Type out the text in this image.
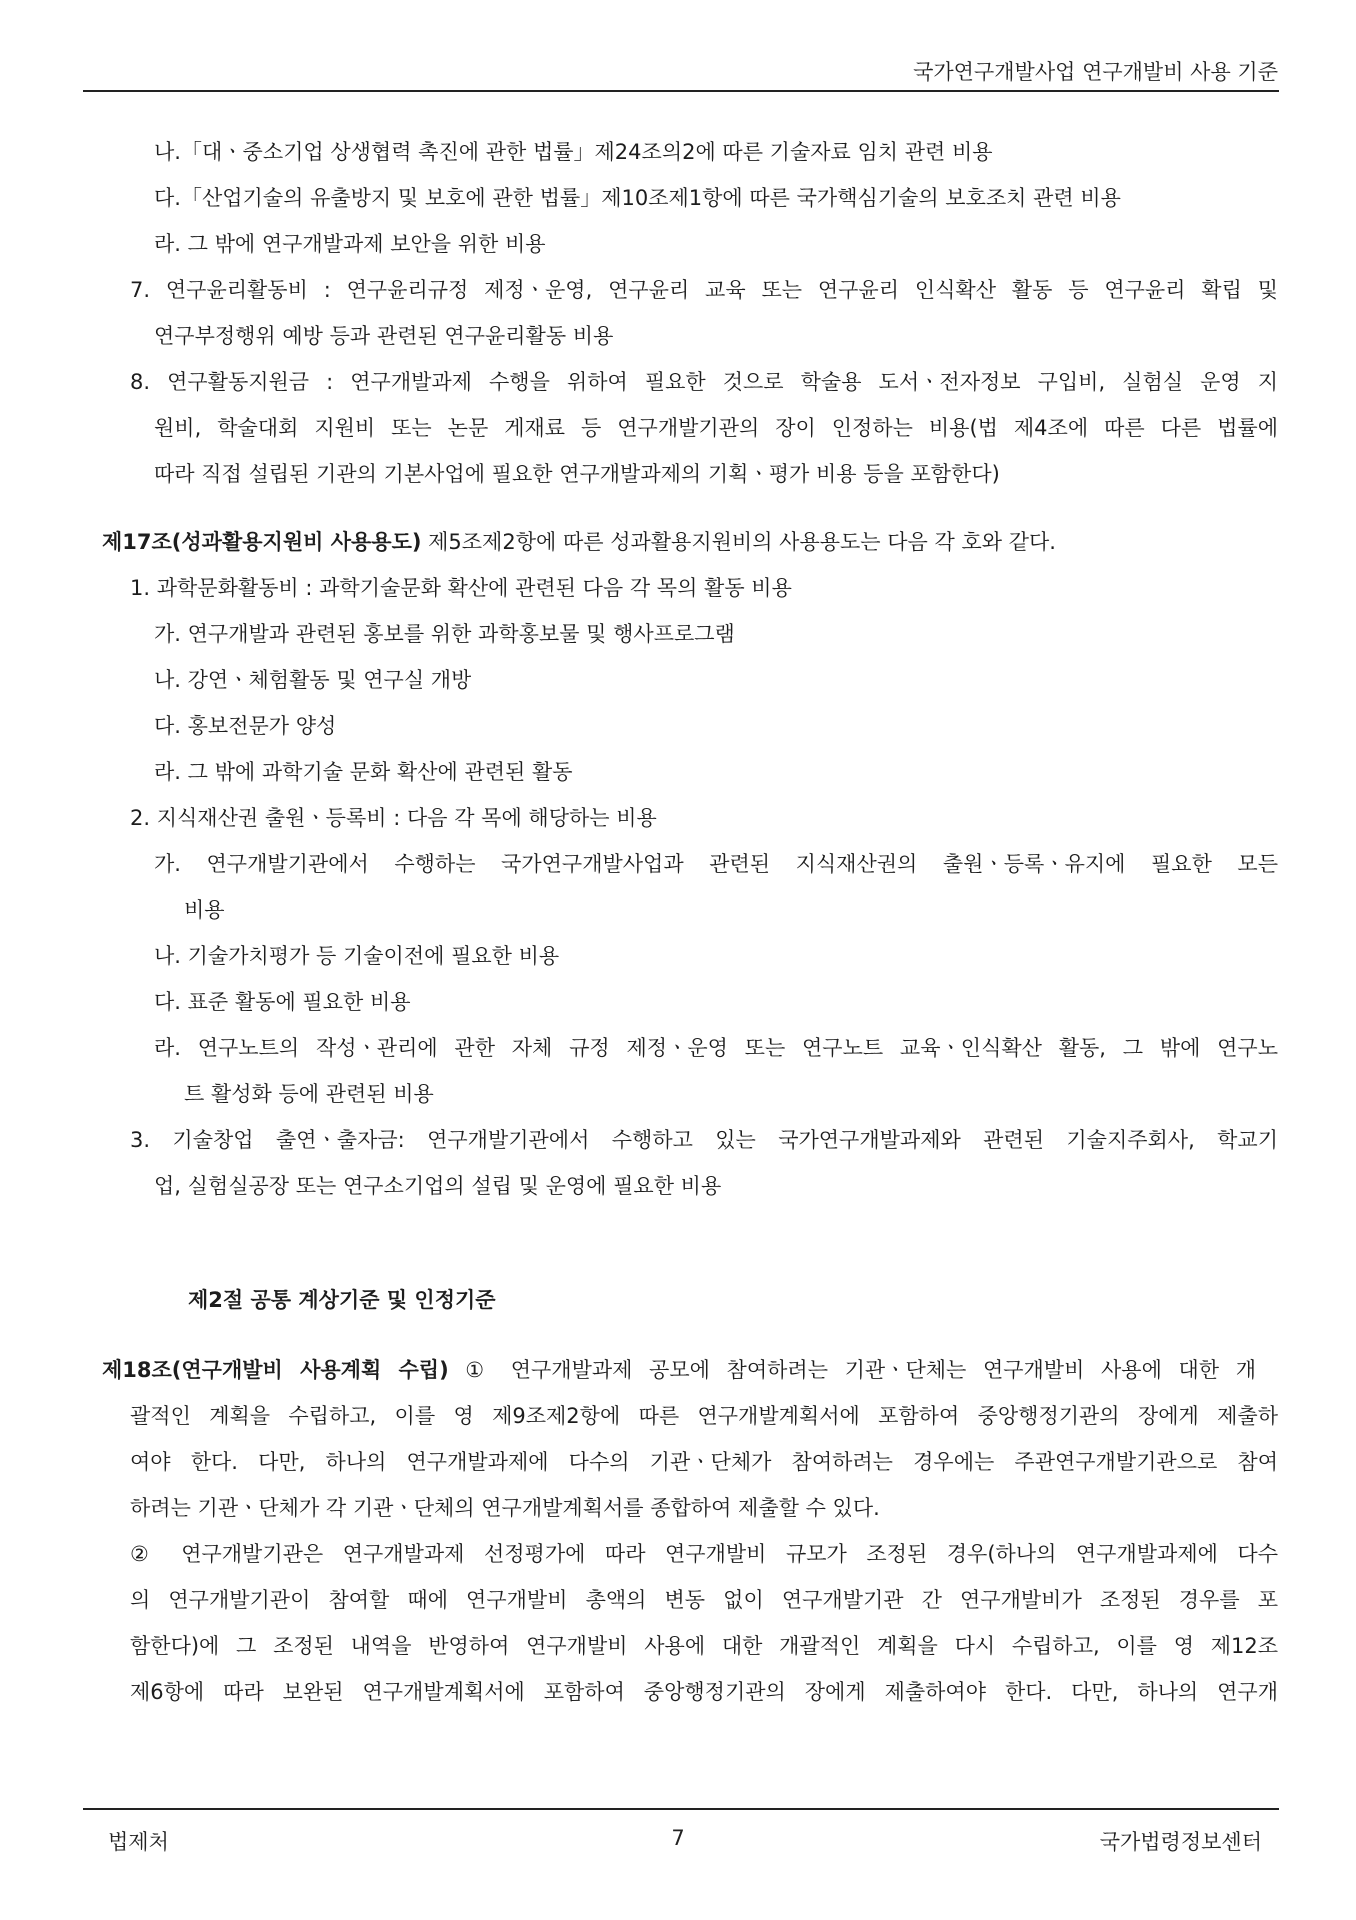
국가연구개발사업 연구개발비 사용 기준
나.「대ㆍ중소기업 상생협력 촉진에 관한 법률」제24조의2에 따른 기술자료 임치 관련 비용
다.「산업기술의 유출방지 및 보호에 관한 법률」제10조제1항에 따른 국가핵심기술의 보호조치 관련 비용
라. 그 밖에 연구개발과제 보안을 위한 비용
7. 연구윤리활동비 : 연구윤리규정 제정ㆍ운영, 연구윤리 교육 또는 연구윤리 인식확산 활동 등 연구윤리 확립 및
연구부정행위 예방 등과 관련된 연구윤리활동 비용
8. 연구활동지원금 : 연구개발과제 수행을 위하여 필요한 것으로 학술용 도서ㆍ전자정보 구입비, 실험실 운영 지
원비, 학술대회 지원비 또는 논문 게재료 등 연구개발기관의 장이 인정하는 비용(법 제4조에 따른 다른 법률에
따라 직접 설립된 기관의 기본사업에 필요한 연구개발과제의 기획ㆍ평가 비용 등을 포함한다)
제17조(성과활용지원비 사용용도) 제5조제2항에 따른 성과활용지원비의 사용용도는 다음 각 호와 같다.
1. 과학문화활동비 : 과학기술문화 확산에 관련된 다음 각 목의 활동 비용
가. 연구개발과 관련된 홍보를 위한 과학홍보물 및 행사프로그램
나. 강연ㆍ체험활동 및 연구실 개방
다. 홍보전문가 양성
라. 그 밖에 과학기술 문화 확산에 관련된 활동
2. 지식재산권 출원ㆍ등록비 : 다음 각 목에 해당하는 비용
가. 연구개발기관에서 수행하는 국가연구개발사업과 관련된 지식재산권의 출원ㆍ등록ㆍ유지에 필요한 모든
비용
나. 기술가치평가 등 기술이전에 필요한 비용
다. 표준 활동에 필요한 비용
라. 연구노트의 작성ㆍ관리에 관한 자체 규정 제정ㆍ운영 또는 연구노트 교육ㆍ인식확산 활동, 그 밖에 연구노
트 활성화 등에 관련된 비용
3. 기술창업 출연ㆍ출자금: 연구개발기관에서 수행하고 있는 국가연구개발과제와 관련된 기술지주회사, 학교기
업, 실험실공장 또는 연구소기업의 설립 및 운영에 필요한 비용
제2절 공통 계상기준 및 인정기준
제18조(연구개발비 사용계획 수립) ① 연구개발과제 공모에 참여하려는 기관ㆍ단체는 연구개발비 사용에 대한 개
괄적인 계획을 수립하고, 이를 영 제9조제2항에 따른 연구개발계획서에 포함하여 중앙행정기관의 장에게 제출하
여야 한다. 다만, 하나의 연구개발과제에 다수의 기관ㆍ단체가 참여하려는 경우에는 주관연구개발기관으로 참여
하려는 기관ㆍ단체가 각 기관ㆍ단체의 연구개발계획서를 종합하여 제출할 수 있다.
② 연구개발기관은 연구개발과제 선정평가에 따라 연구개발비 규모가 조정된 경우(하나의 연구개발과제에 다수
의 연구개발기관이 참여할 때에 연구개발비 총액의 변동 없이 연구개발기관 간 연구개발비가 조정된 경우를 포
함한다)에 그 조정된 내역을 반영하여 연구개발비 사용에 대한 개괄적인 계획을 다시 수립하고, 이를 영 제12조
제6항에 따라 보완된 연구개발계획서에 포함하여 중앙행정기관의 장에게 제출하여야 한다. 다만, 하나의 연구개
법제처	7	국가법령정보센터
